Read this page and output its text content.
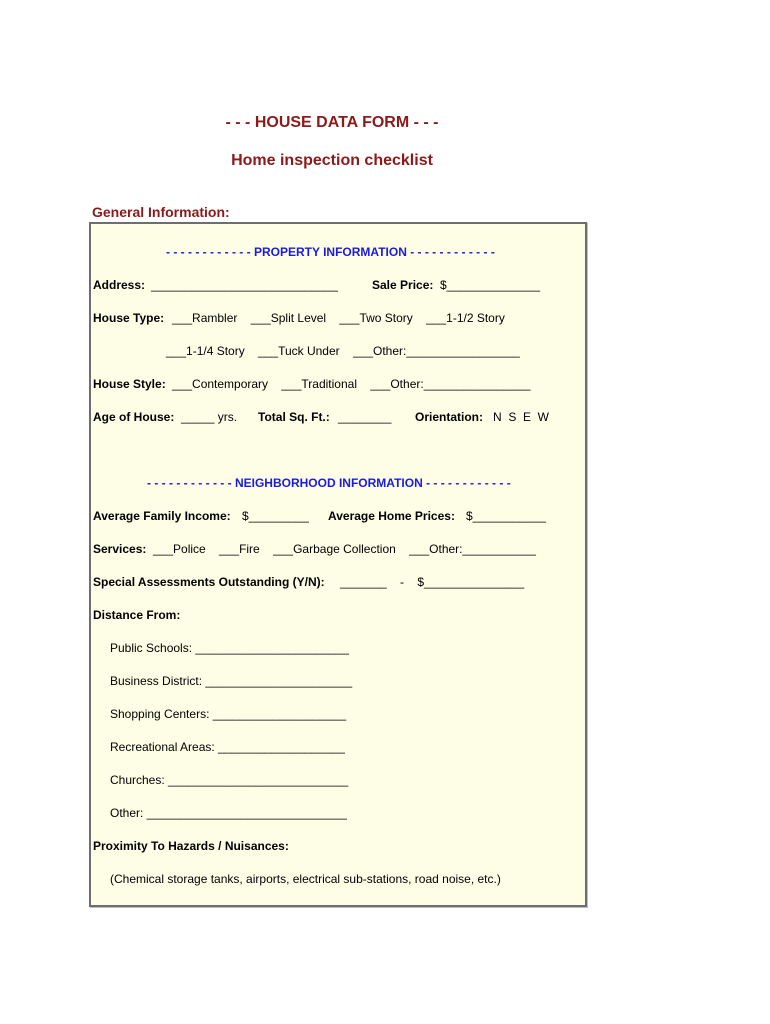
- - - HOUSE DATA FORM - - -
Home inspection checklist
General Information:
- - - - - - - - - - - - PROPERTY INFORMATION - - - - - - - - - - - -
Address: ____________________________	Sale Price: $______________
House Type: ___Rambler    ___Split Level    ___Two Story    ___1-1/2 Story
___1-1/4 Story    ___Tuck Under    ___Other:_________________
House Style: ___Contemporary    ___Traditional    ___Other:________________
Age of House: _____ yrs. Total Sq. Ft.: ________ Orientation: N  S  E  W
- - - - - - - - - - - - NEIGHBORHOOD INFORMATION - - - - - - - - - - - -
Average Family Income: $_________ Average Home Prices: $___________
Services: ___Police    ___Fire    ___Garbage Collection    ___Other:___________
Special Assessments Outstanding (Y/N): _______    -    $_______________
Distance From:
Public Schools: _______________________
Business District: ______________________
Shopping Centers: ____________________
Recreational Areas: ___________________
Churches: ___________________________
Other: ______________________________
Proximity To Hazards / Nuisances:
(Chemical storage tanks, airports, electrical sub-stations, road noise, etc.)
